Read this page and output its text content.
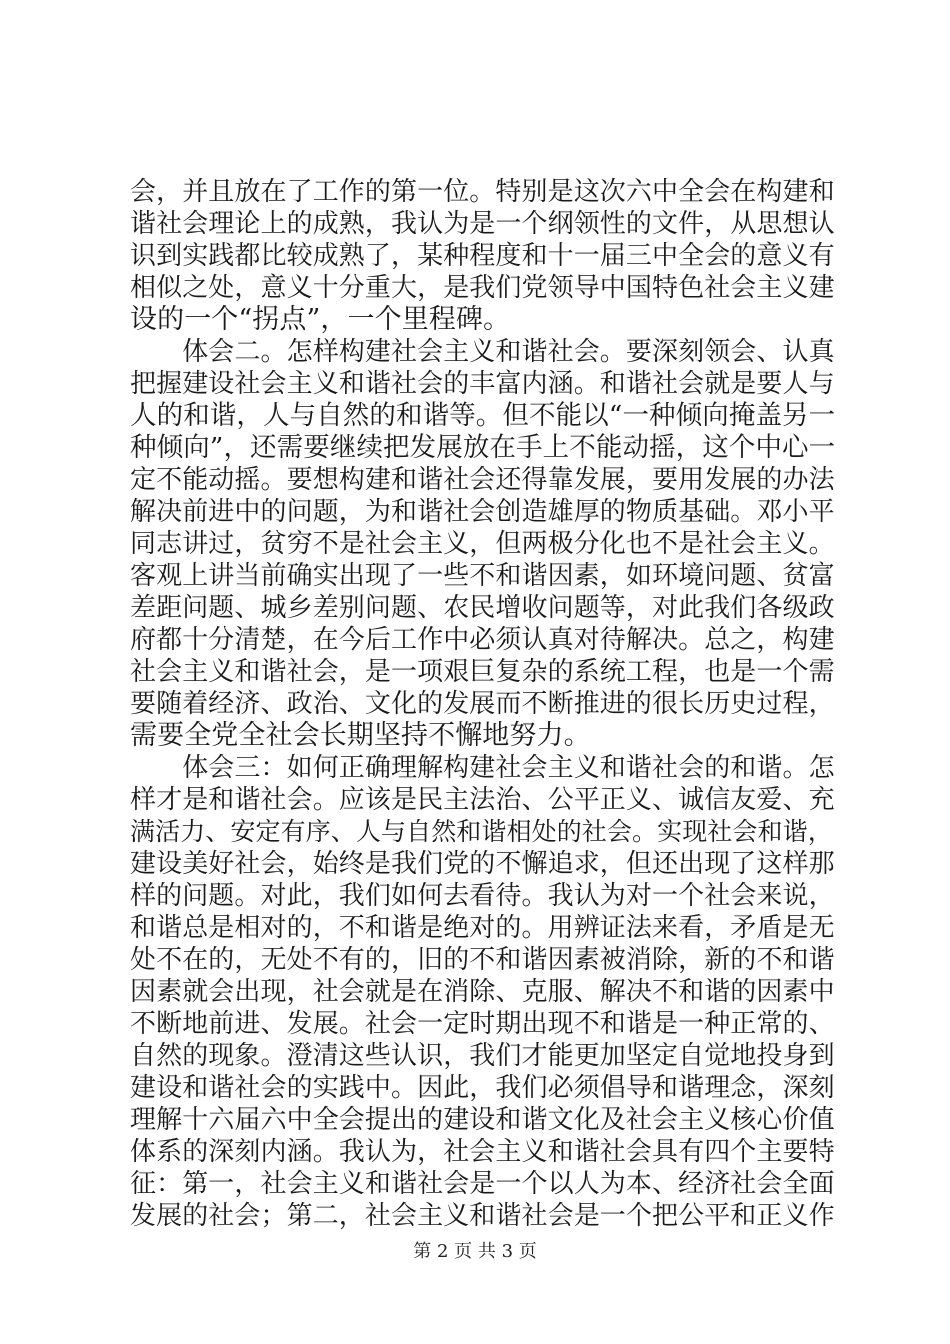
会，并且放在了工作的第一位。特别是这次六中全会在构建和
谐社会理论上的成熟，我认为是一个纲领性的文件，从思想认
识到实践都比较成熟了，某种程度和十一届三中全会的意义有
相似之处，意义十分重大，是我们党领导中国特色社会主义建
设的一个“拐点”，一个里程碑。
　　体会二。怎样构建社会主义和谐社会。要深刻领会、认真
把握建设社会主义和谐社会的丰富内涵。和谐社会就是要人与
人的和谐，人与自然的和谐等。但不能以“一种倾向掩盖另一
种倾向”，还需要继续把发展放在手上不能动摇，这个中心一
定不能动摇。要想构建和谐社会还得靠发展，要用发展的办法
解决前进中的问题，为和谐社会创造雄厚的物质基础。邓小平
同志讲过，贫穷不是社会主义，但两极分化也不是社会主义。
客观上讲当前确实出现了一些不和谐因素，如环境问题、贫富
差距问题、城乡差别问题、农民增收问题等，对此我们各级政
府都十分清楚，在今后工作中必须认真对待解决。总之，构建
社会主义和谐社会，是一项艰巨复杂的系统工程，也是一个需
要随着经济、政治、文化的发展而不断推进的很长历史过程，
需要全党全社会长期坚持不懈地努力。
　　体会三：如何正确理解构建社会主义和谐社会的和谐。怎
样才是和谐社会。应该是民主法治、公平正义、诚信友爱、充
满活力、安定有序、人与自然和谐相处的社会。实现社会和谐，
建设美好社会，始终是我们党的不懈追求，但还出现了这样那
样的问题。对此，我们如何去看待。我认为对一个社会来说，
和谐总是相对的，不和谐是绝对的。用辨证法来看，矛盾是无
处不在的，无处不有的，旧的不和谐因素被消除，新的不和谐
因素就会出现，社会就是在消除、克服、解决不和谐的因素中
不断地前进、发展。社会一定时期出现不和谐是一种正常的、
自然的现象。澄清这些认识，我们才能更加坚定自觉地投身到
建设和谐社会的实践中。因此，我们必须倡导和谐理念，深刻
理解十六届六中全会提出的建设和谐文化及社会主义核心价值
体系的深刻内涵。我认为，社会主义和谐社会具有四个主要特
征：第一，社会主义和谐社会是一个以人为本、经济社会全面
发展的社会；第二，社会主义和谐社会是一个把公平和正义作
第 2 页 共 3 页
